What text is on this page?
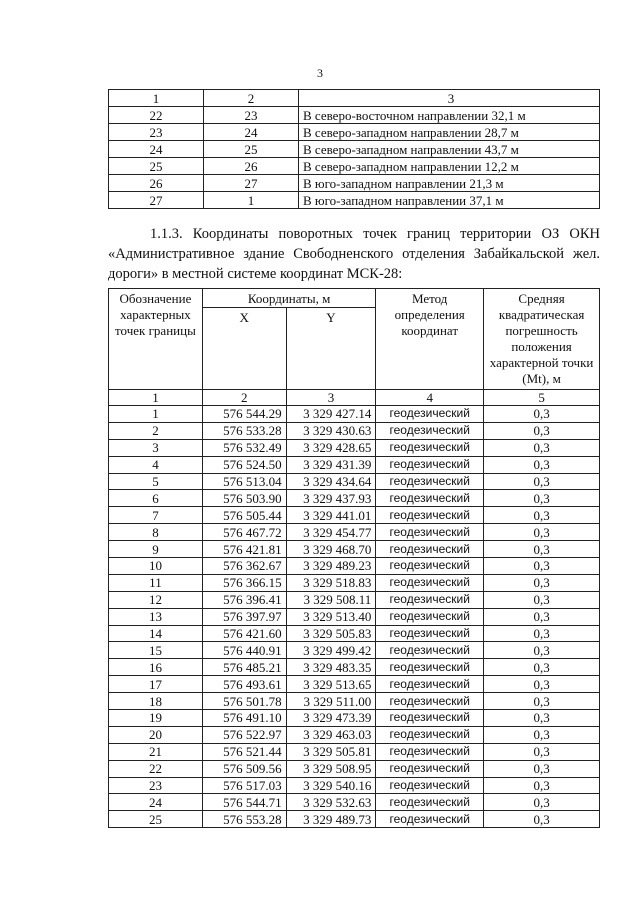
3
1	2	3
22	23	В северо-восточном направлении 32,1 м
23	24	В северо-западном направлении 28,7 м
24	25	В северо-западном направлении 43,7 м
25	26	В северо-западном направлении 12,2 м
26	27	В юго-западном направлении 21,3 м
27	1	В юго-западном направлении 37,1 м
1.1.3. Координаты поворотных точек границ территории ОЗ ОКН «Административное здание Свободненского отделения Забайкальской жел. дороги» в местной системе координат МСК-28:
Обозначение характерных точек границы	Координаты, м		Метод определения координат	Средняя квадратическая погрешность положения характерной точки (Mt), м
	X	Y		
1	2	3	4	5
1	576 544.29	3 329 427.14	геодезический	0,3
2	576 533.28	3 329 430.63	геодезический	0,3
3	576 532.49	3 329 428.65	геодезический	0,3
4	576 524.50	3 329 431.39	геодезический	0,3
5	576 513.04	3 329 434.64	геодезический	0,3
6	576 503.90	3 329 437.93	геодезический	0,3
7	576 505.44	3 329 441.01	геодезический	0,3
8	576 467.72	3 329 454.77	геодезический	0,3
9	576 421.81	3 329 468.70	геодезический	0,3
10	576 362.67	3 329 489.23	геодезический	0,3
11	576 366.15	3 329 518.83	геодезический	0,3
12	576 396.41	3 329 508.11	геодезический	0,3
13	576 397.97	3 329 513.40	геодезический	0,3
14	576 421.60	3 329 505.83	геодезический	0,3
15	576 440.91	3 329 499.42	геодезический	0,3
16	576 485.21	3 329 483.35	геодезический	0,3
17	576 493.61	3 329 513.65	геодезический	0,3
18	576 501.78	3 329 511.00	геодезический	0,3
19	576 491.10	3 329 473.39	геодезический	0,3
20	576 522.97	3 329 463.03	геодезический	0,3
21	576 521.44	3 329 505.81	геодезический	0,3
22	576 509.56	3 329 508.95	геодезический	0,3
23	576 517.03	3 329 540.16	геодезический	0,3
24	576 544.71	3 329 532.63	геодезический	0,3
25	576 553.28	3 329 489.73	геодезический	0,3
